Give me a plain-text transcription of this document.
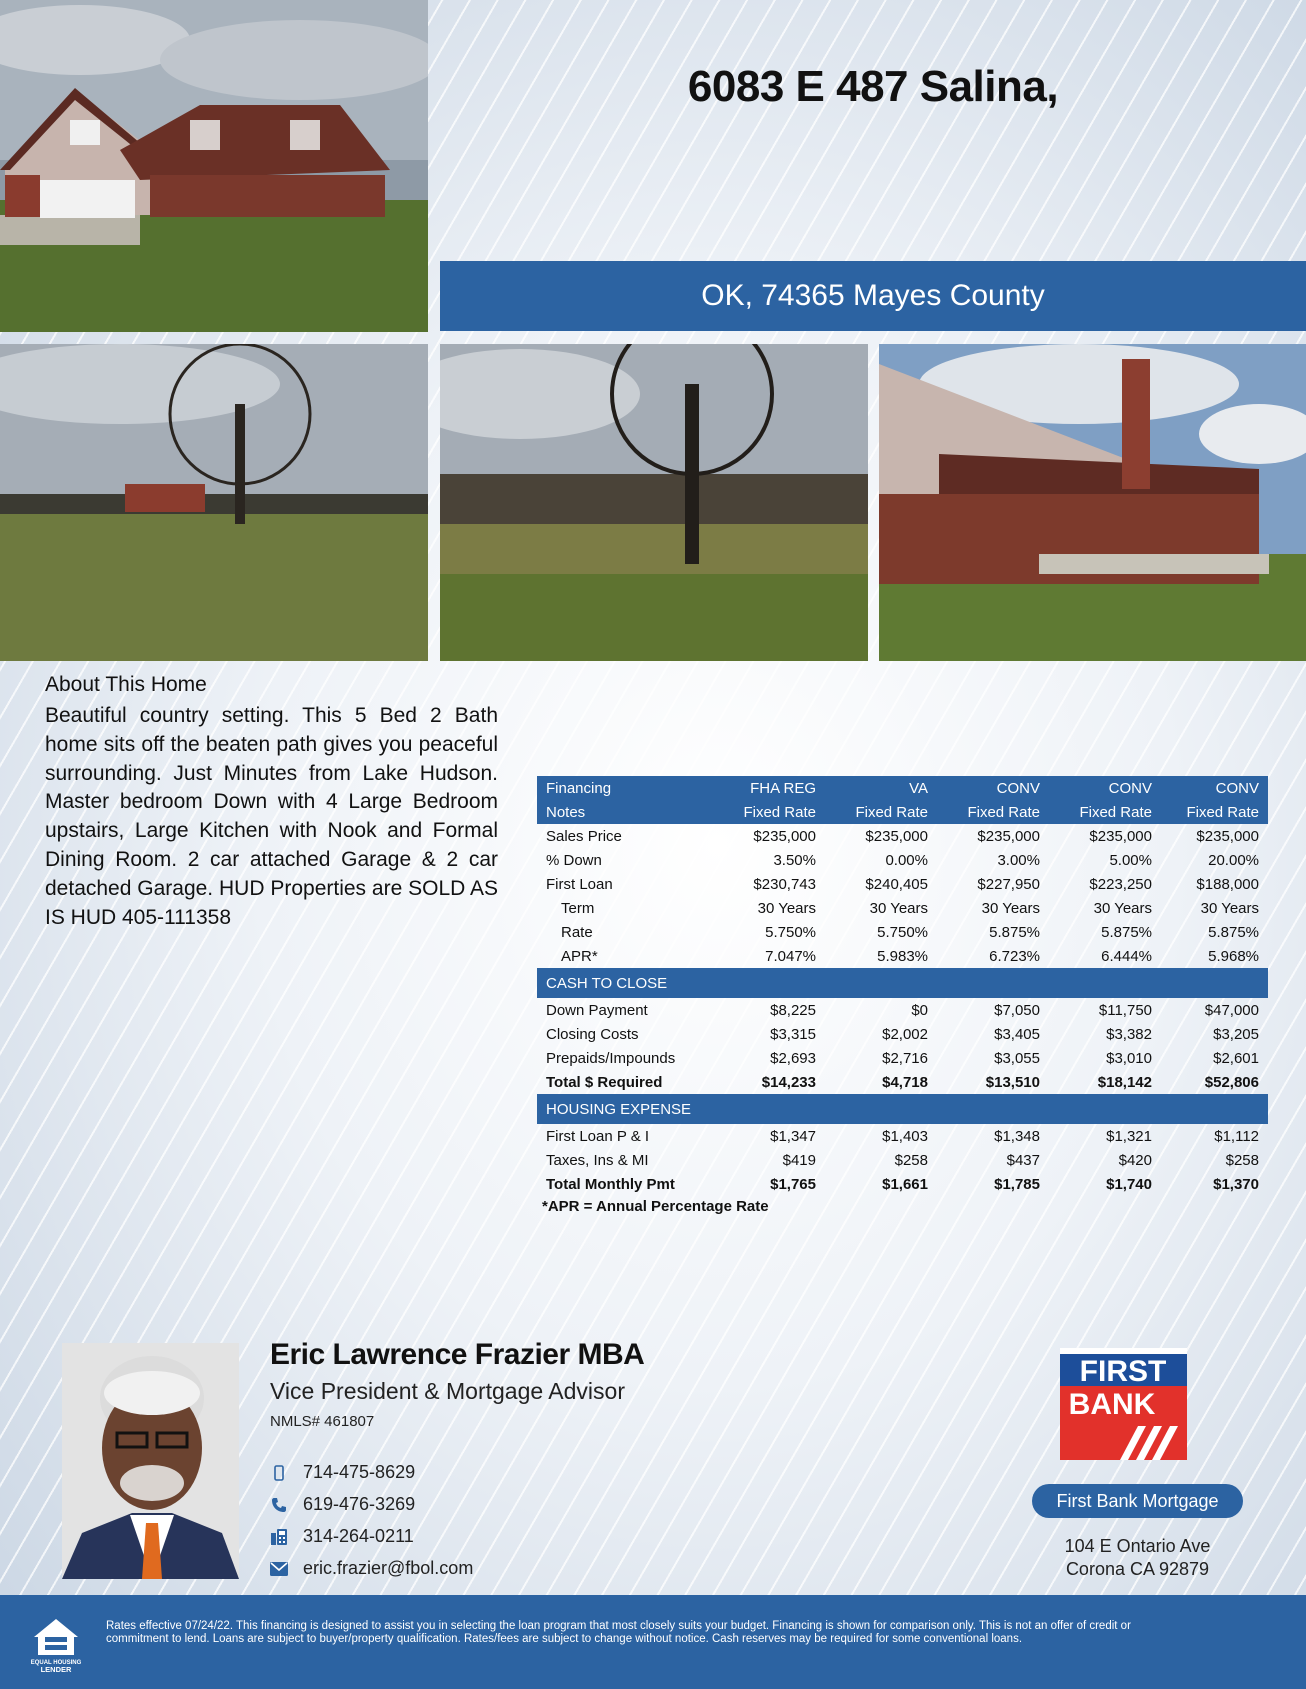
6083 E 487 Salina,
OK, 74365 Mayes County
About This Home
Beautiful country setting. This 5 Bed 2 Bath home sits off the beaten path gives you peaceful surrounding. Just Minutes from Lake Hudson. Master bedroom Down with 4 Large Bedroom upstairs, Large Kitchen with Nook and Formal Dining Room. 2 car attached Garage & 2 car detached Garage. HUD Properties are SOLD AS IS HUD 405-111358
Financing	FHA REG	VA	CONV	CONV	CONV
Notes	Fixed Rate	Fixed Rate	Fixed Rate	Fixed Rate	Fixed Rate
Sales Price	$235,000	$235,000	$235,000	$235,000	$235,000
% Down	3.50%	0.00%	3.00%	5.00%	20.00%
First Loan	$230,743	$240,405	$227,950	$223,250	$188,000
Term	30 Years	30 Years	30 Years	30 Years	30 Years
Rate	5.750%	5.750%	5.875%	5.875%	5.875%
APR*	7.047%	5.983%	6.723%	6.444%	5.968%
CASH TO CLOSE					
Down Payment	$8,225	$0	$7,050	$11,750	$47,000
Closing Costs	$3,315	$2,002	$3,405	$3,382	$3,205
Prepaids/Impounds	$2,693	$2,716	$3,055	$3,010	$2,601
Total $ Required	$14,233	$4,718	$13,510	$18,142	$52,806
HOUSING EXPENSE					
First Loan P & I	$1,347	$1,403	$1,348	$1,321	$1,112
Taxes, Ins & MI	$419	$258	$437	$420	$258
Total Monthly Pmt	$1,765	$1,661	$1,785	$1,740	$1,370
*APR = Annual Percentage Rate
Eric Lawrence Frazier MBA
Vice President & Mortgage Advisor
NMLS# 461807
714-475-8629
619-476-3269
314-264-0211
eric.frazier@fbol.com
FIRST
BANK
First Bank Mortgage
104 E Ontario Ave
Corona CA 92879
EQUAL HOUSING
LENDER
Rates effective 07/24/22. This financing is designed to assist you in selecting the loan program that most closely suits your budget. Financing is shown for comparison only. This is not an offer of credit or commitment to lend. Loans are subject to buyer/property qualification. Rates/fees are subject to change without notice. Cash reserves may be required for some conventional loans.
